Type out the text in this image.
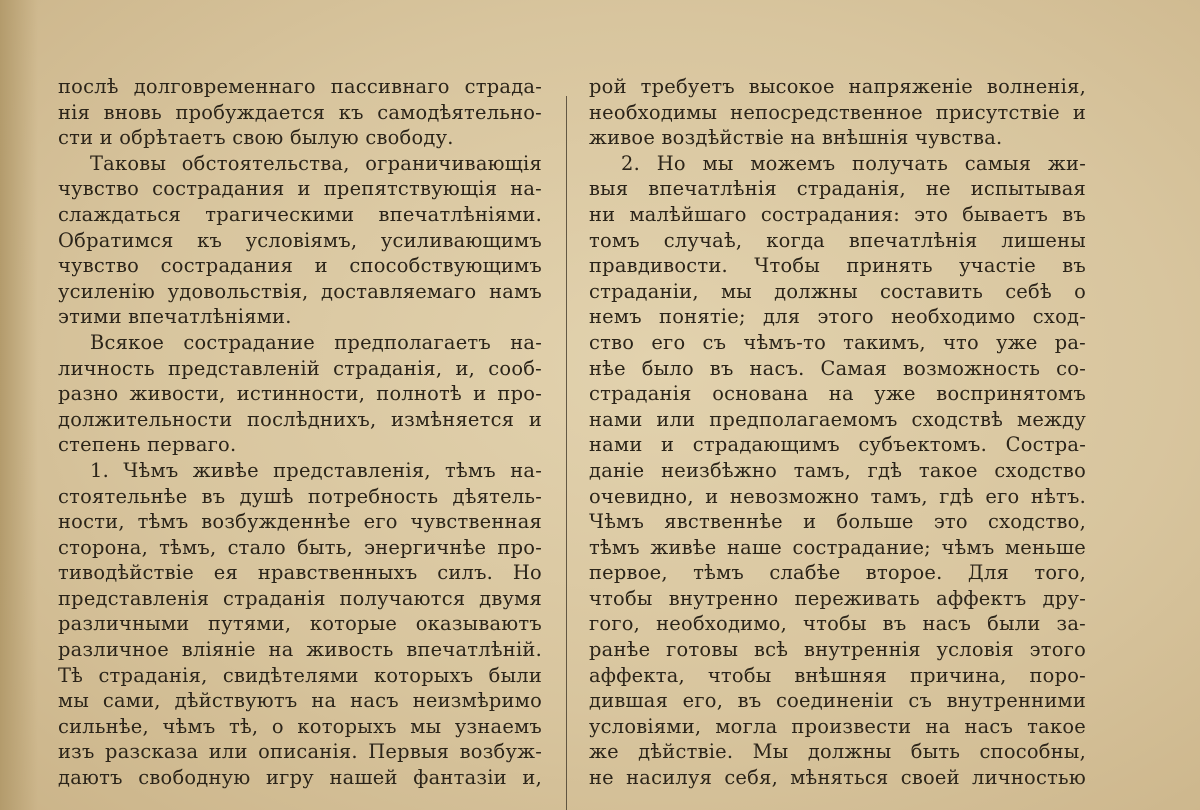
послѣ долговременнаго пассивнаго страда-
нія вновь пробуждается къ самодѣятельно-
сти и обрѣтаетъ свою былую свободу.
Таковы обстоятельства, ограничивающія
чувство сострадания и препятствующія на-
слаждаться трагическими впечатлѣніями.
Обратимся къ условіямъ, усиливающимъ
чувство сострадания и способствующимъ
усиленію удовольствія, доставляемаго намъ
этими впечатлѣніями.
Всякое сострадание предполагаетъ на-
личность представленій страданія, и, сооб-
разно живости, истинности, полнотѣ и про-
должительности послѣднихъ, измѣняется и
степень перваго.
1. Чѣмъ живѣе представленія, тѣмъ на-
стоятельнѣе въ душѣ потребность дѣятель-
ности, тѣмъ возбужденнѣе его чувственная
сторона, тѣмъ, стало быть, энергичнѣе про-
тиводѣйствіе ея нравственныхъ силъ. Но
представленія страданія получаются двумя
различными путями, которые оказываютъ
различное вліяніе на живость впечатлѣній.
Тѣ страданія, свидѣтелями которыхъ были
мы сами, дѣйствуютъ на насъ неизмѣримо
сильнѣе, чѣмъ тѣ, о которыхъ мы узнаемъ
изъ разсказа или описанія. Первыя возбуж-
даютъ свободную игру нашей фантазіи и,
рой требуетъ высокое напряженіе волненія,
необходимы непосредственное присутствіе и
живое воздѣйствіе на внѣшнія чувства.
2. Но мы можемъ получать самыя жи-
выя впечатлѣнія страданія, не испытывая
ни малѣйшаго сострадания: это бываетъ въ
томъ случаѣ, когда впечатлѣнія лишены
правдивости. Чтобы принять участіе въ
страданіи, мы должны составить себѣ о
немъ понятіе; для этого необходимо сход-
ство его съ чѣмъ-то такимъ, что уже ра-
нѣе было въ насъ. Самая возможность со-
страданія основана на уже воспринятомъ
нами или предполагаемомъ сходствѣ между
нами и страдающимъ субъектомъ. Состра-
даніе неизбѣжно тамъ, гдѣ такое сходство
очевидно, и невозможно тамъ, гдѣ его нѣтъ.
Чѣмъ явственнѣе и больше это сходство,
тѣмъ живѣе наше сострадание; чѣмъ меньше
первое, тѣмъ слабѣе второе. Для того,
чтобы внутренно переживать аффектъ дру-
гого, необходимо, чтобы въ насъ были за-
ранѣе готовы всѣ внутреннія условія этого
аффекта, чтобы внѣшняя причина, поро-
дившая его, въ соединеніи съ внутренними
условіями, могла произвести на насъ такое
же дѣйствіе. Мы должны быть способны,
не насилуя себя, мѣняться своей личностью
